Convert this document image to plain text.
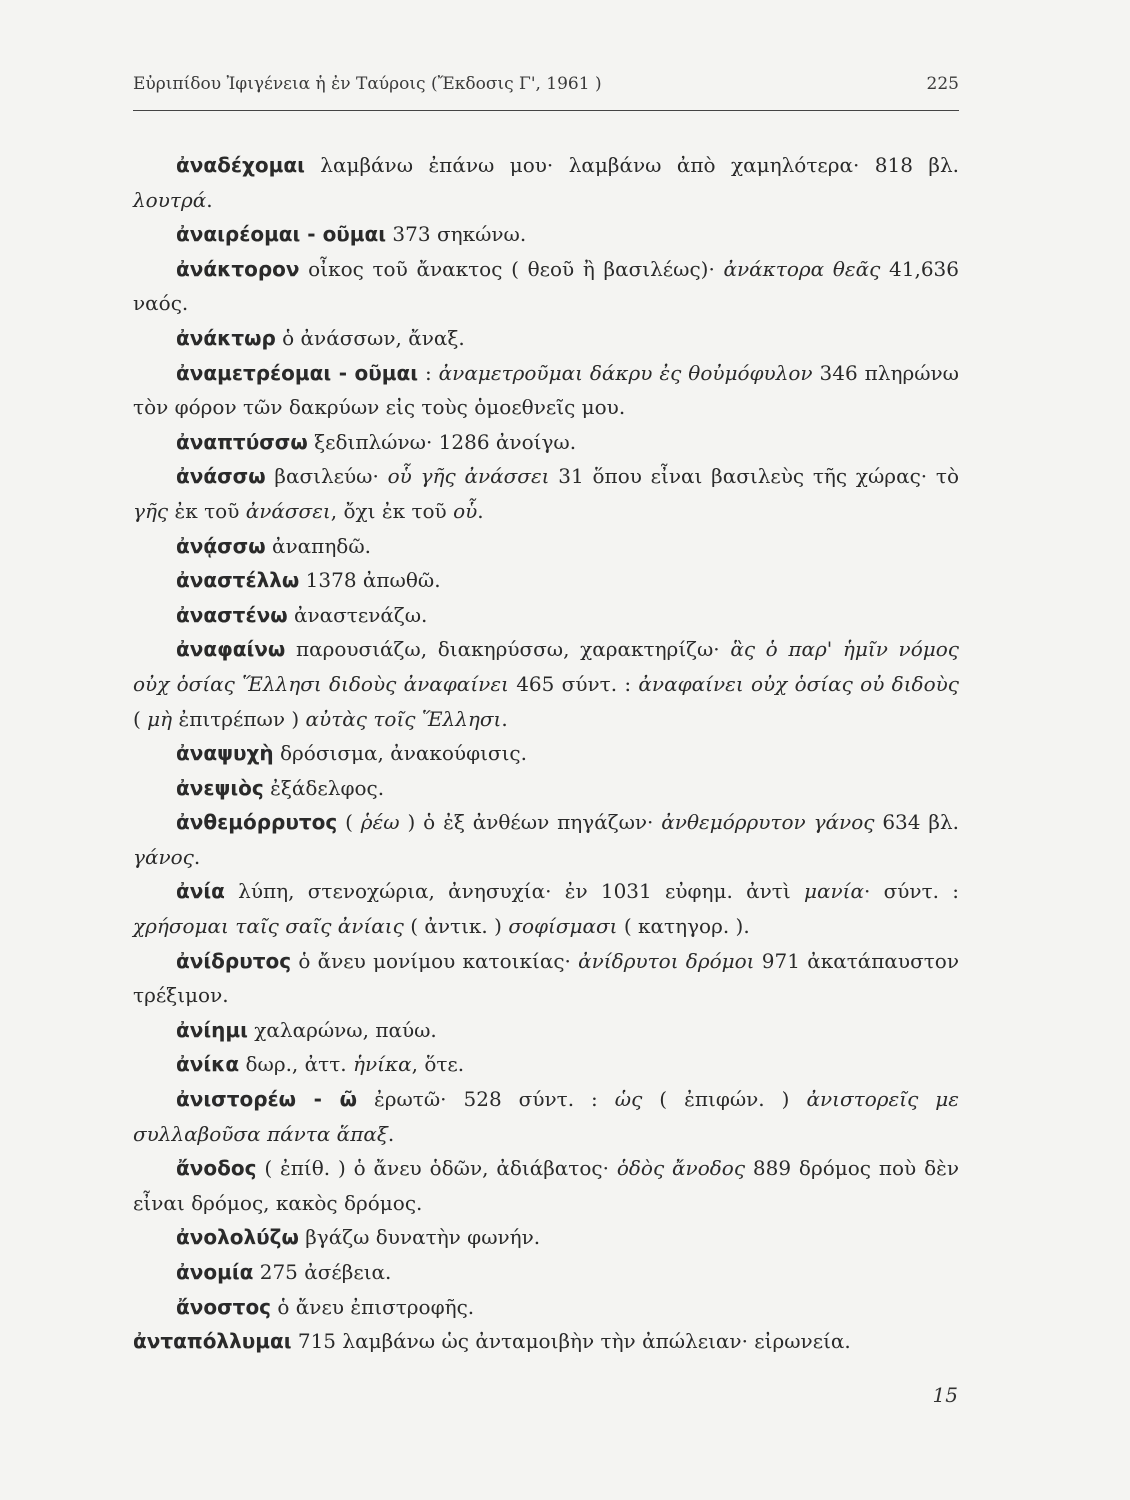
Εὐριπίδου Ἰφιγένεια ἡ ἐν Ταύροις (Ἔκδοσις Γ', 1961 )	225

ἀναδέχομαι λαμβάνω ἐπάνω μου· λαμβάνω ἀπὸ χαμηλότερα· 818 βλ. λουτρά.

ἀναιρέομαι - οῦμαι 373 σηκώνω.

ἀνάκτορον οἶκος τοῦ ἄνακτος ( θεοῦ ἢ βασιλέως)· ἀνάκτορα θεᾶς 41,636 ναός.

ἀνάκτωρ ὁ ἀνάσσων, ἄναξ.

ἀναμετρέομαι - οῦμαι : ἀναμετροῦμαι δάκρυ ἐς θοὐμόφυλον 346 πληρώνω τὸν φόρον τῶν δακρύων εἰς τοὺς ὁμοεθνεῖς μου.

ἀναπτύσσω ξεδιπλώνω· 1286 ἀνοίγω.

ἀνάσσω βασιλεύω· οὗ γῆς ἀνάσσει 31 ὅπου εἶναι βασιλεὺς τῆς χώρας· τὸ γῆς ἐκ τοῦ ἀνάσσει, ὄχι ἐκ τοῦ οὗ.

ἀνᾴσσω ἀναπηδῶ.

ἀναστέλλω 1378 ἀπωθῶ.

ἀναστένω ἀναστενάζω.

ἀναφαίνω παρουσιάζω, διακηρύσσω, χαρακτηρίζω· ἃς ὁ παρ' ἡμῖν νόμος οὐχ ὁσίας Ἕλλησι διδοὺς ἀναφαίνει 465 σύντ. : ἀναφαίνει οὐχ ὁσίας οὐ διδοὺς ( μὴ ἐπιτρέπων ) αὐτὰς τοῖς Ἕλλησι.

ἀναψυχὴ δρόσισμα, ἀνακούφισις.

ἀνεψιὸς ἐξάδελφος.

ἀνθεμόρρυτος ( ῥέω ) ὁ ἐξ ἀνθέων πηγάζων· ἀνθεμόρρυτον γάνος 634 βλ. γάνος.

ἀνία λύπη, στενοχώρια, ἀνησυχία· ἐν 1031 εὐφημ. ἀντὶ μανία· σύντ. : χρήσομαι ταῖς σαῖς ἀνίαις ( ἀντικ. ) σοφίσμασι ( κατηγορ. ).

ἀνίδρυτος ὁ ἄνευ μονίμου κατοικίας· ἀνίδρυτοι δρόμοι 971 ἀκατάπαυστον τρέξιμον.

ἀνίημι χαλαρώνω, παύω.

ἀνίκα δωρ., ἀττ. ἡνίκα, ὅτε.

ἀνιστορέω - ῶ ἐρωτῶ· 528 σύντ. : ὡς ( ἐπιφών. ) ἀνιστορεῖς με συλλαβοῦσα πάντα ἅπαξ.

ἄνοδος ( ἐπίθ. ) ὁ ἄνευ ὁδῶν, ἀδιάβατος· ὁδὸς ἄνοδος 889 δρόμος ποὺ δὲν εἶναι δρόμος, κακὸς δρόμος.

ἀνολολύζω βγάζω δυνατὴν φωνήν.

ἀνομία 275 ἀσέβεια.

ἄνοστος ὁ ἄνευ ἐπιστροφῆς.

ἀνταπόλλυμαι 715 λαμβάνω ὡς ἀνταμοιβὴν τὴν ἀπώλειαν· εἰρωνεία.

15
